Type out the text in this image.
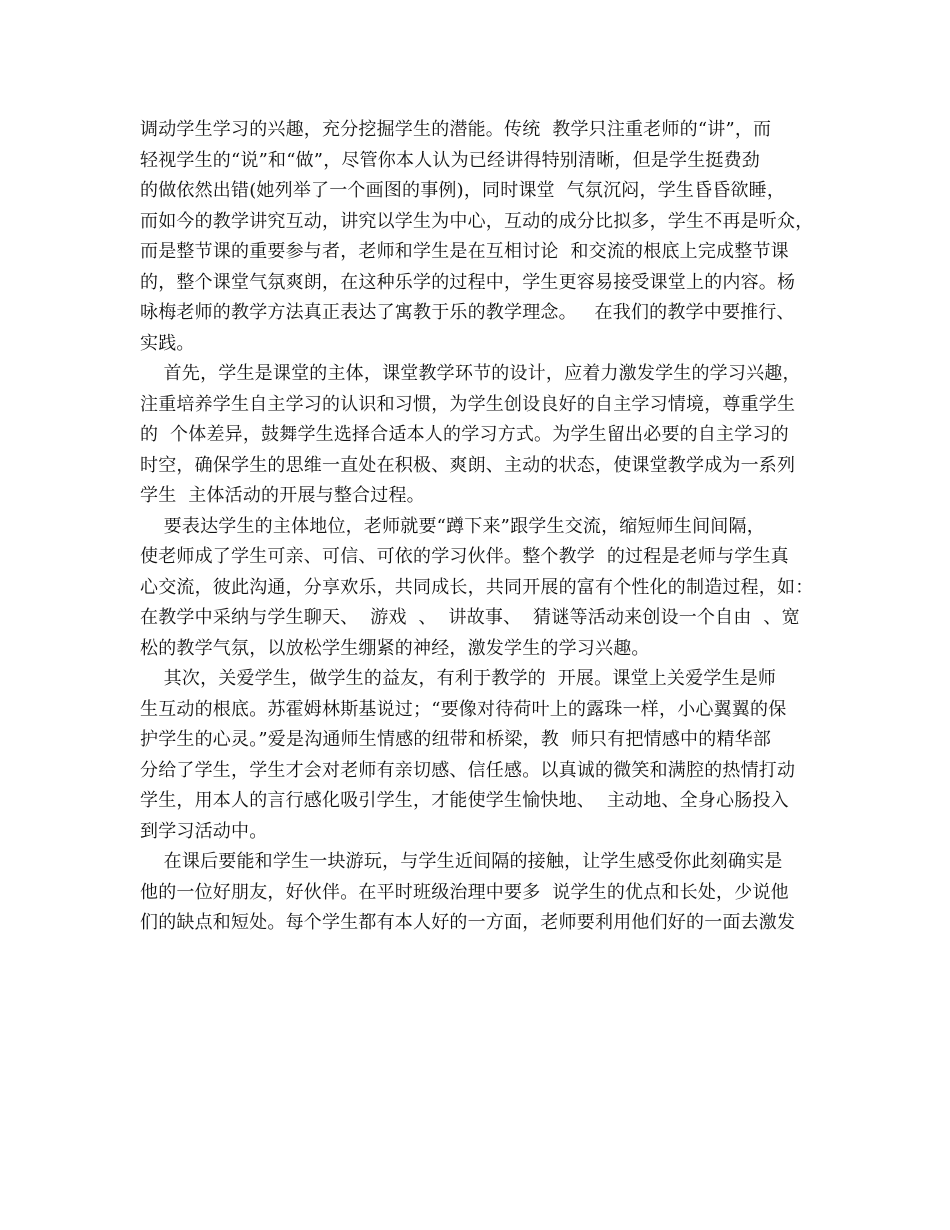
调动学生学习的兴趣，充分挖掘学生的潜能。传统  教学只注重老师的“讲”，而
轻视学生的“说”和“做”，尽管你本人认为已经讲得特别清晰，但是学生挺费劲
的做依然出错(她列举了一个画图的事例)，同时课堂  气氛沉闷，学生昏昏欲睡，
而如今的教学讲究互动，讲究以学生为中心，互动的成分比拟多，学生不再是听众，
而是整节课的重要参与者，老师和学生是在互相讨论  和交流的根底上完成整节课
的，整个课堂气氛爽朗，在这种乐学的过程中，学生更容易接受课堂上的内容。杨
咏梅老师的教学方法真正表达了寓教于乐的教学理念。   在我们的教学中要推行、
实践。
首先，学生是课堂的主体，课堂教学环节的设计，应着力激发学生的学习兴趣，
注重培养学生自主学习的认识和习惯，为学生创设良好的自主学习情境，尊重学生
的  个体差异，鼓舞学生选择合适本人的学习方式。为学生留出必要的自主学习的
时空，确保学生的思维一直处在积极、爽朗、主动的状态，使课堂教学成为一系列
学生  主体活动的开展与整合过程。
要表达学生的主体地位，老师就要“蹲下来”跟学生交流，缩短师生间间隔，
使老师成了学生可亲、可信、可依的学习伙伴。整个教学  的过程是老师与学生真
心交流，彼此沟通，分享欢乐，共同成长，共同开展的富有个性化的制造过程，如：
在教学中采纳与学生聊天、  游戏  、  讲故事、  猜谜等活动来创设一个自由  、宽
松的教学气氛，以放松学生绷紧的神经，激发学生的学习兴趣。
其次，关爱学生，做学生的益友，有利于教学的  开展。课堂上关爱学生是师
生互动的根底。苏霍姆林斯基说过；“要像对待荷叶上的露珠一样，小心翼翼的保
护学生的心灵。”爱是沟通师生情感的纽带和桥梁，教  师只有把情感中的精华部
分给了学生，学生才会对老师有亲切感、信任感。以真诚的微笑和满腔的热情打动
学生，用本人的言行感化吸引学生，才能使学生愉快地、  主动地、全身心肠投入
到学习活动中。
在课后要能和学生一块游玩，与学生近间隔的接触，让学生感受你此刻确实是
他的一位好朋友，好伙伴。在平时班级治理中要多  说学生的优点和长处，少说他
们的缺点和短处。每个学生都有本人好的一方面，老师要利用他们好的一面去激发
